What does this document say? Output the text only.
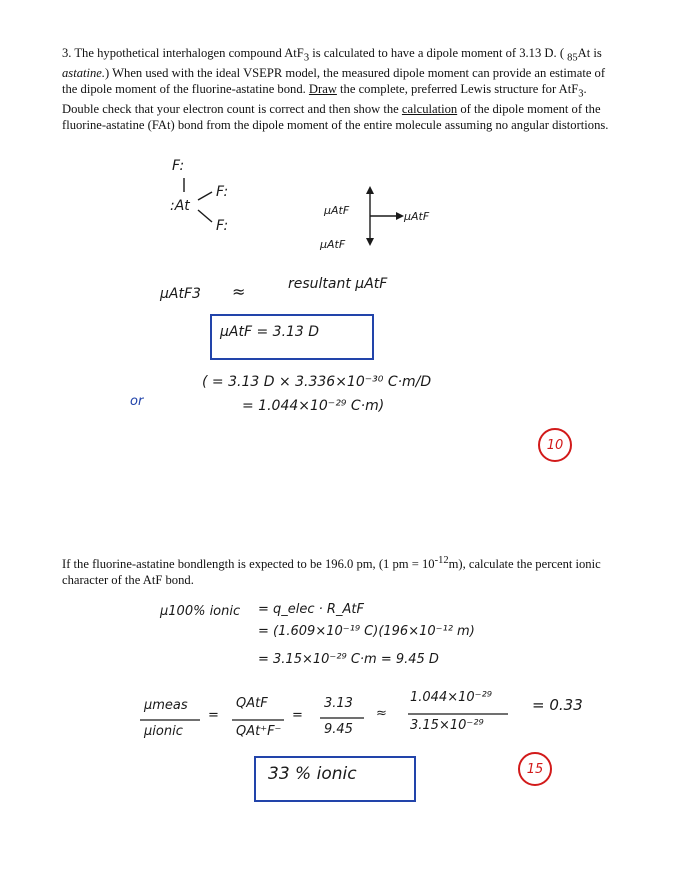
3. The hypothetical interhalogen compound AtF$_3$ is calculated to have a dipole moment of 3.13 D. ( $_{85}$At is astatine.) When used with the ideal VSEPR model, the measured dipole moment can provide an estimate of the dipole moment of the fluorine-astatine bond. Draw the complete, preferred Lewis structure for AtF$_3$. Double check that your electron count is correct and then show the calculation of the dipole moment of the fluorine-astatine (FAt) bond from the dipole moment of the entire molecule assuming no angular distortions.
F:
:At
F:
F:
μAtF	μAtF
μAtF
μAtF3 ≈	resultant μAtF
μAtF = 3.13 D
or
( = 3.13 D × 3.336×10⁻³⁰ C·m/D
= 1.044×10⁻²⁹ C·m)
10
If the fluorine-astatine bondlength is expected to be 196.0 pm, (1 pm = $10^{-12}m$), calculate the percent ionic character of the AtF bond.
μ100% ionic = q_elec · R_AtF
= (1.609×10⁻¹⁹ C)(196×10⁻¹² m)
= 3.15×10⁻²⁹ C·m = 9.45 D
μmeas
μionic
=
QAtF
QAt⁺F⁻
=
3.13
9.45
≈
1.044×10⁻²⁹
3.15×10⁻²⁹
= 0.33
33 % ionic	15
